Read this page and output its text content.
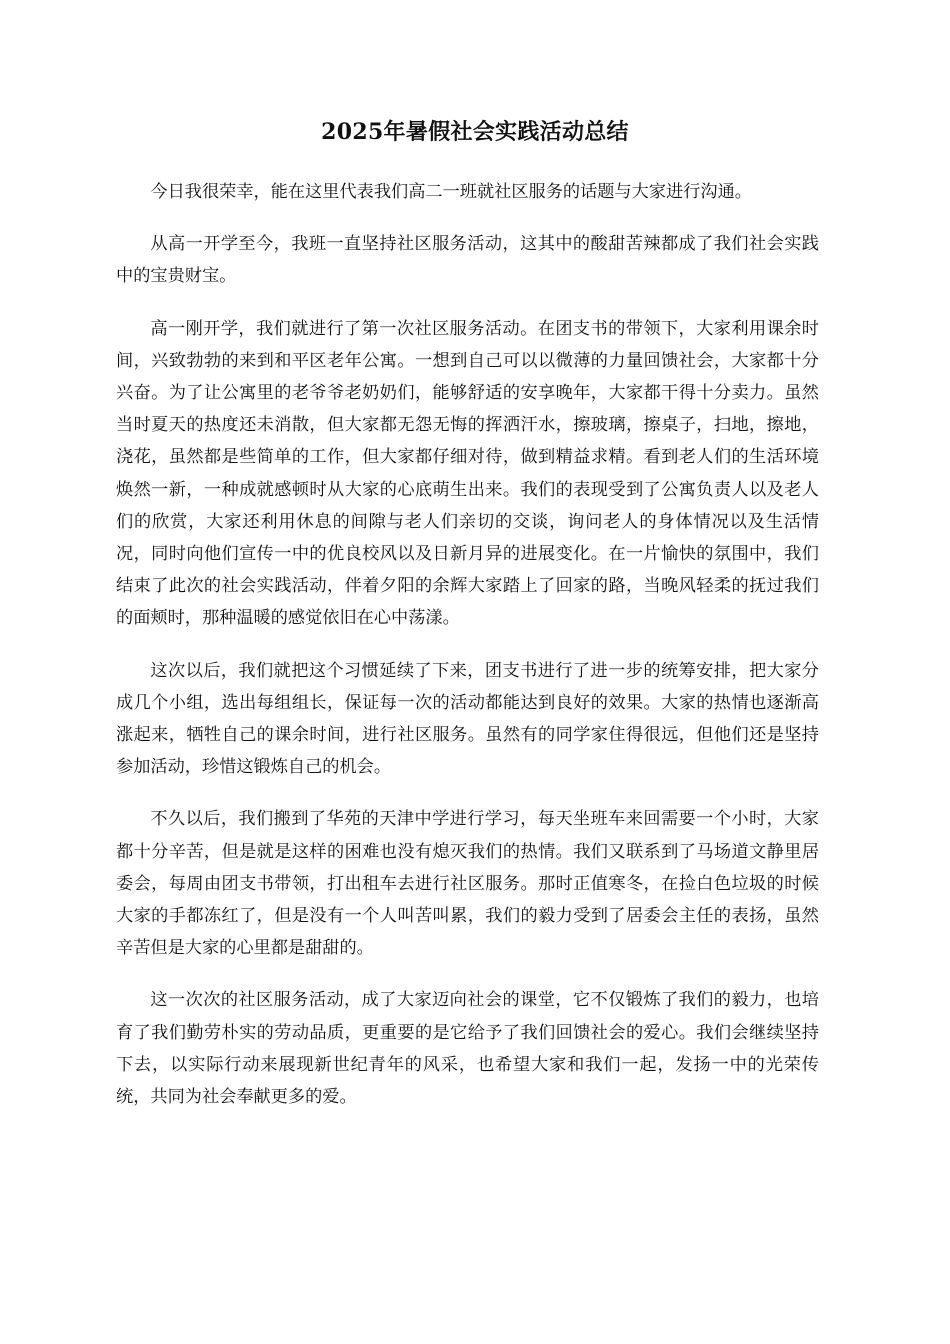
2025年暑假社会实践活动总结

今日我很荣幸，能在这里代表我们高二一班就社区服务的话题与大家进行沟通。

从高一开学至今，我班一直坚持社区服务活动，这其中的酸甜苦辣都成了我们社会实践中的宝贵财宝。

高一刚开学，我们就进行了第一次社区服务活动。在团支书的带领下，大家利用课余时间，兴致勃勃的来到和平区老年公寓。一想到自己可以以微薄的力量回馈社会，大家都十分兴奋。为了让公寓里的老爷爷老奶奶们，能够舒适的安享晚年，大家都干得十分卖力。虽然当时夏天的热度还未消散，但大家都无怨无悔的挥洒汗水，擦玻璃，擦桌子，扫地，擦地，浇花，虽然都是些简单的工作，但大家都仔细对待，做到精益求精。看到老人们的生活环境焕然一新，一种成就感顿时从大家的心底萌生出来。我们的表现受到了公寓负责人以及老人们的欣赏，大家还利用休息的间隙与老人们亲切的交谈，询问老人的身体情况以及生活情况，同时向他们宣传一中的优良校风以及日新月异的进展变化。在一片愉快的氛围中，我们结束了此次的社会实践活动，伴着夕阳的余辉大家踏上了回家的路，当晚风轻柔的抚过我们的面颊时，那种温暖的感觉依旧在心中荡漾。

这次以后，我们就把这个习惯延续了下来，团支书进行了进一步的统筹安排，把大家分成几个小组，选出每组组长，保证每一次的活动都能达到良好的效果。大家的热情也逐渐高涨起来，牺牲自己的课余时间，进行社区服务。虽然有的同学家住得很远，但他们还是坚持参加活动，珍惜这锻炼自己的机会。

不久以后，我们搬到了华苑的天津中学进行学习，每天坐班车来回需要一个小时，大家都十分辛苦，但是就是这样的困难也没有熄灭我们的热情。我们又联系到了马场道文静里居委会，每周由团支书带领，打出租车去进行社区服务。那时正值寒冬，在捡白色垃圾的时候大家的手都冻红了，但是没有一个人叫苦叫累，我们的毅力受到了居委会主任的表扬，虽然辛苦但是大家的心里都是甜甜的。

这一次次的社区服务活动，成了大家迈向社会的课堂，它不仅锻炼了我们的毅力，也培育了我们勤劳朴实的劳动品质，更重要的是它给予了我们回馈社会的爱心。我们会继续坚持下去，以实际行动来展现新世纪青年的风采，也希望大家和我们一起，发扬一中的光荣传统，共同为社会奉献更多的爱。
